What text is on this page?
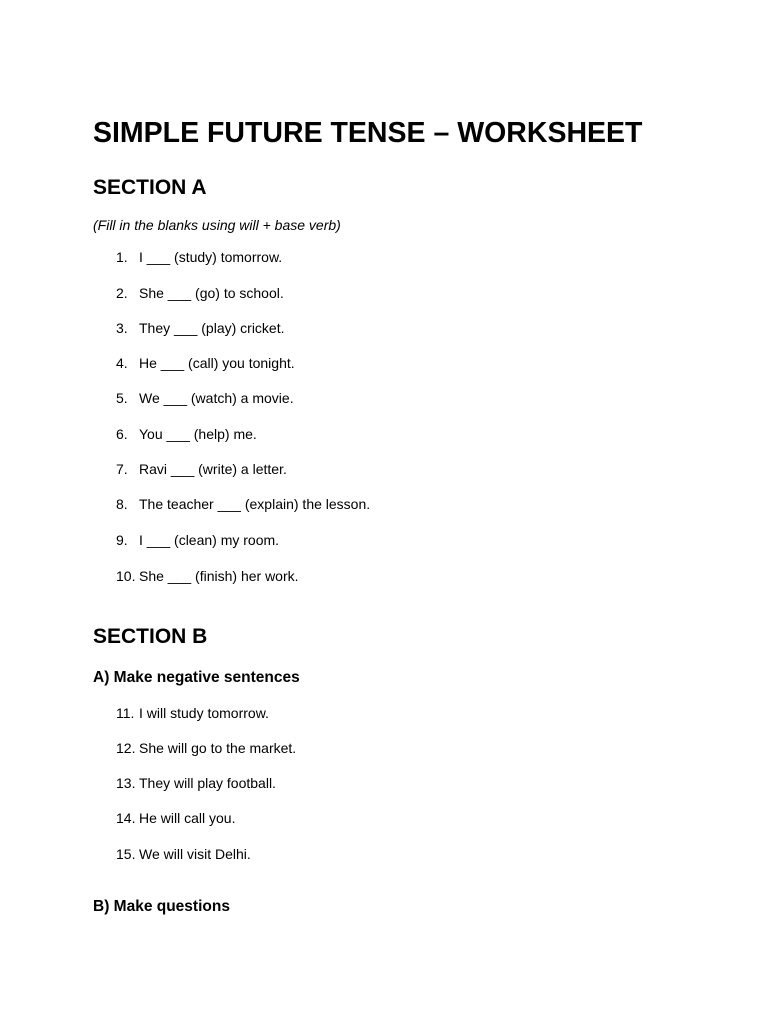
SIMPLE FUTURE TENSE – WORKSHEET
SECTION A

(Fill in the blanks using will + base verb)

1. I ___ (study) tomorrow.
2. She ___ (go) to school.
3. They ___ (play) cricket.
4. He ___ (call) you tonight.
5. We ___ (watch) a movie.
6. You ___ (help) me.
7. Ravi ___ (write) a letter.
8. The teacher ___ (explain) the lesson.
9. I ___ (clean) my room.
10. She ___ (finish) her work.
SECTION B
A) Make negative sentences
11. I will study tomorrow.
12. She will go to the market.
13. They will play football.
14. He will call you.
15. We will visit Delhi.
B) Make questions
